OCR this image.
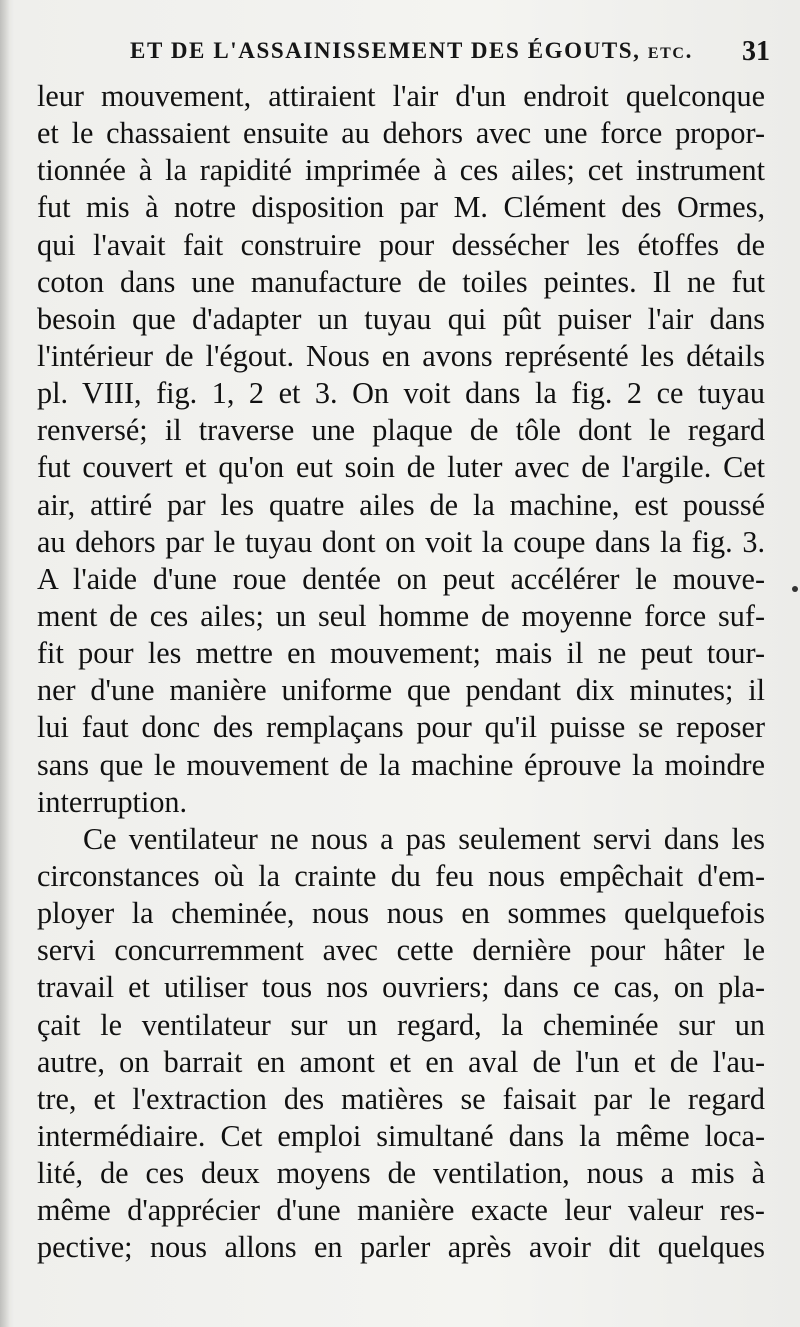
ET DE L'ASSAINISSEMENT DES ÉGOUTS, etc. 31
leur mouvement, attiraient l'air d'un endroit quelconque
et le chassaient ensuite au dehors avec une force propor-
tionnée à la rapidité imprimée à ces ailes; cet instrument
fut mis à notre disposition par M. Clément des Ormes,
qui l'avait fait construire pour dessécher les étoffes de
coton dans une manufacture de toiles peintes. Il ne fut
besoin que d'adapter un tuyau qui pût puiser l'air dans
l'intérieur de l'égout. Nous en avons représenté les détails
pl. VIII, fig. 1, 2 et 3. On voit dans la fig. 2 ce tuyau
renversé; il traverse une plaque de tôle dont le regard
fut couvert et qu'on eut soin de luter avec de l'argile. Cet
air, attiré par les quatre ailes de la machine, est poussé
au dehors par le tuyau dont on voit la coupe dans la fig. 3.
A l'aide d'une roue dentée on peut accélérer le mouve-
ment de ces ailes; un seul homme de moyenne force suf-
fit pour les mettre en mouvement; mais il ne peut tour-
ner d'une manière uniforme que pendant dix minutes; il
lui faut donc des remplaçans pour qu'il puisse se reposer
sans que le mouvement de la machine éprouve la moindre
interruption.
Ce ventilateur ne nous a pas seulement servi dans les
circonstances où la crainte du feu nous empêchait d'em-
ployer la cheminée, nous nous en sommes quelquefois
servi concurremment avec cette dernière pour hâter le
travail et utiliser tous nos ouvriers; dans ce cas, on pla-
çait le ventilateur sur un regard, la cheminée sur un
autre, on barrait en amont et en aval de l'un et de l'au-
tre, et l'extraction des matières se faisait par le regard
intermédiaire. Cet emploi simultané dans la même loca-
lité, de ces deux moyens de ventilation, nous a mis à
même d'apprécier d'une manière exacte leur valeur res-
pective; nous allons en parler après avoir dit quelques
